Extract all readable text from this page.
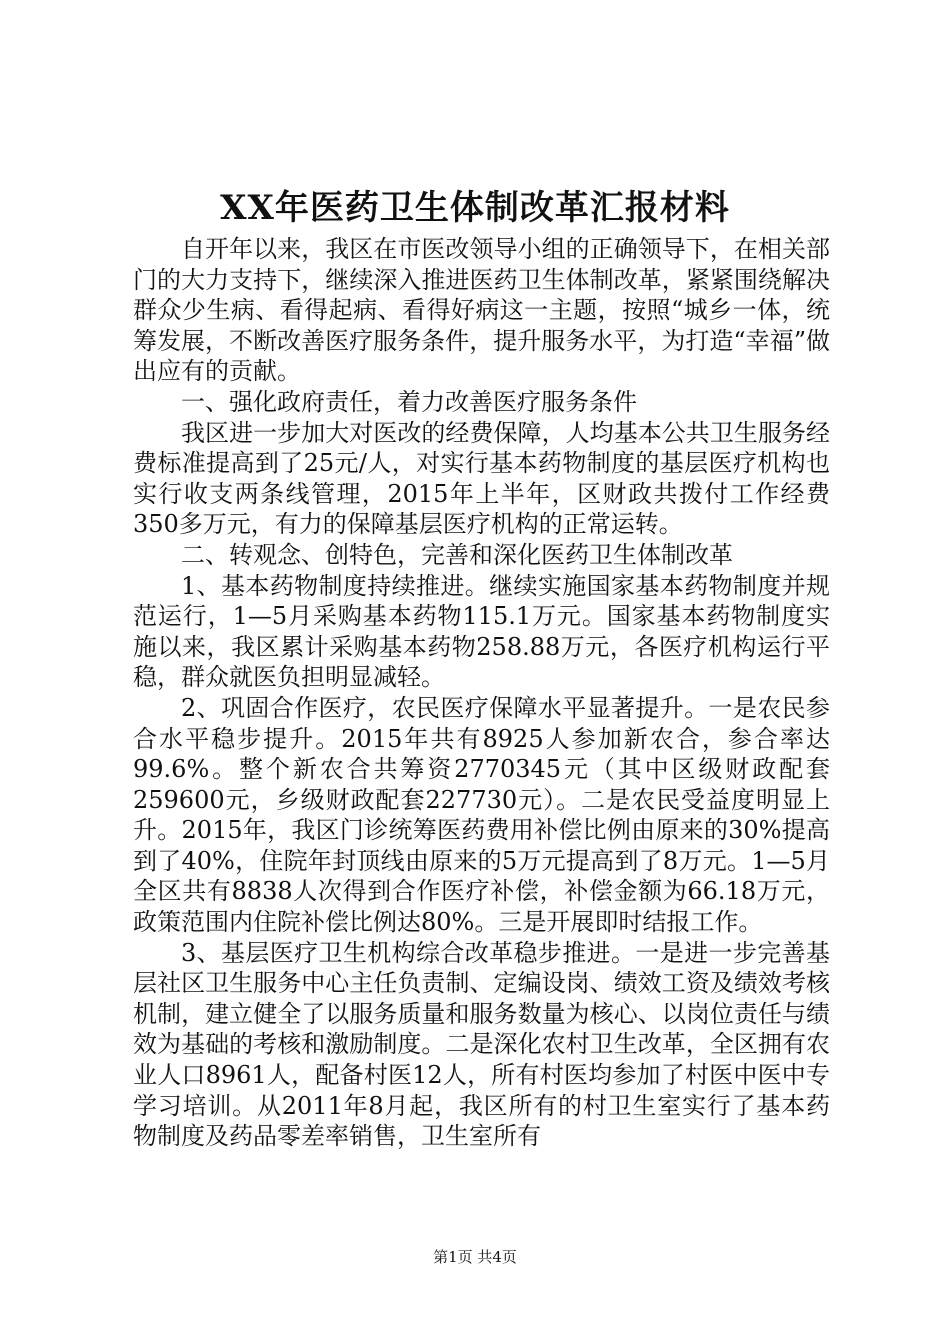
XX年医药卫生体制改革汇报材料

自开年以来，我区在市医改领导小组的正确领导下，在相关部门的大力支持下，继续深入推进医药卫生体制改革，紧紧围绕解决群众少生病、看得起病、看得好病这一主题，按照“城乡一体，统筹发展，不断改善医疗服务条件，提升服务水平，为打造“幸福”做出应有的贡献。

一、强化政府责任，着力改善医疗服务条件

我区进一步加大对医改的经费保障，人均基本公共卫生服务经费标准提高到了25元/人，对实行基本药物制度的基层医疗机构也实行收支两条线管理，2015年上半年，区财政共拨付工作经费350多万元，有力的保障基层医疗机构的正常运转。

二、转观念、创特色，完善和深化医药卫生体制改革

1、基本药物制度持续推进。继续实施国家基本药物制度并规范运行，1—5月采购基本药物115.1万元。国家基本药物制度实施以来，我区累计采购基本药物258.88万元，各医疗机构运行平稳，群众就医负担明显减轻。

2、巩固合作医疗，农民医疗保障水平显著提升。一是农民参合水平稳步提升。2015年共有8925人参加新农合，参合率达99.6%。整个新农合共筹资2770345元（其中区级财政配套259600元，乡级财政配套227730元）。二是农民受益度明显上升。2015年，我区门诊统筹医药费用补偿比例由原来的30%提高到了40%，住院年封顶线由原来的5万元提高到了8万元。1—5月全区共有8838人次得到合作医疗补偿，补偿金额为66.18万元，政策范围内住院补偿比例达80%。三是开展即时结报工作。

3、基层医疗卫生机构综合改革稳步推进。一是进一步完善基层社区卫生服务中心主任负责制、定编设岗、绩效工资及绩效考核机制，建立健全了以服务质量和服务数量为核心、以岗位责任与绩效为基础的考核和激励制度。二是深化农村卫生改革，全区拥有农业人口8961人，配备村医12人，所有村医均参加了村医中医中专学习培训。从2011年8月起，我区所有的村卫生室实行了基本药物制度及药品零差率销售，卫生室所有

第1页 共4页
